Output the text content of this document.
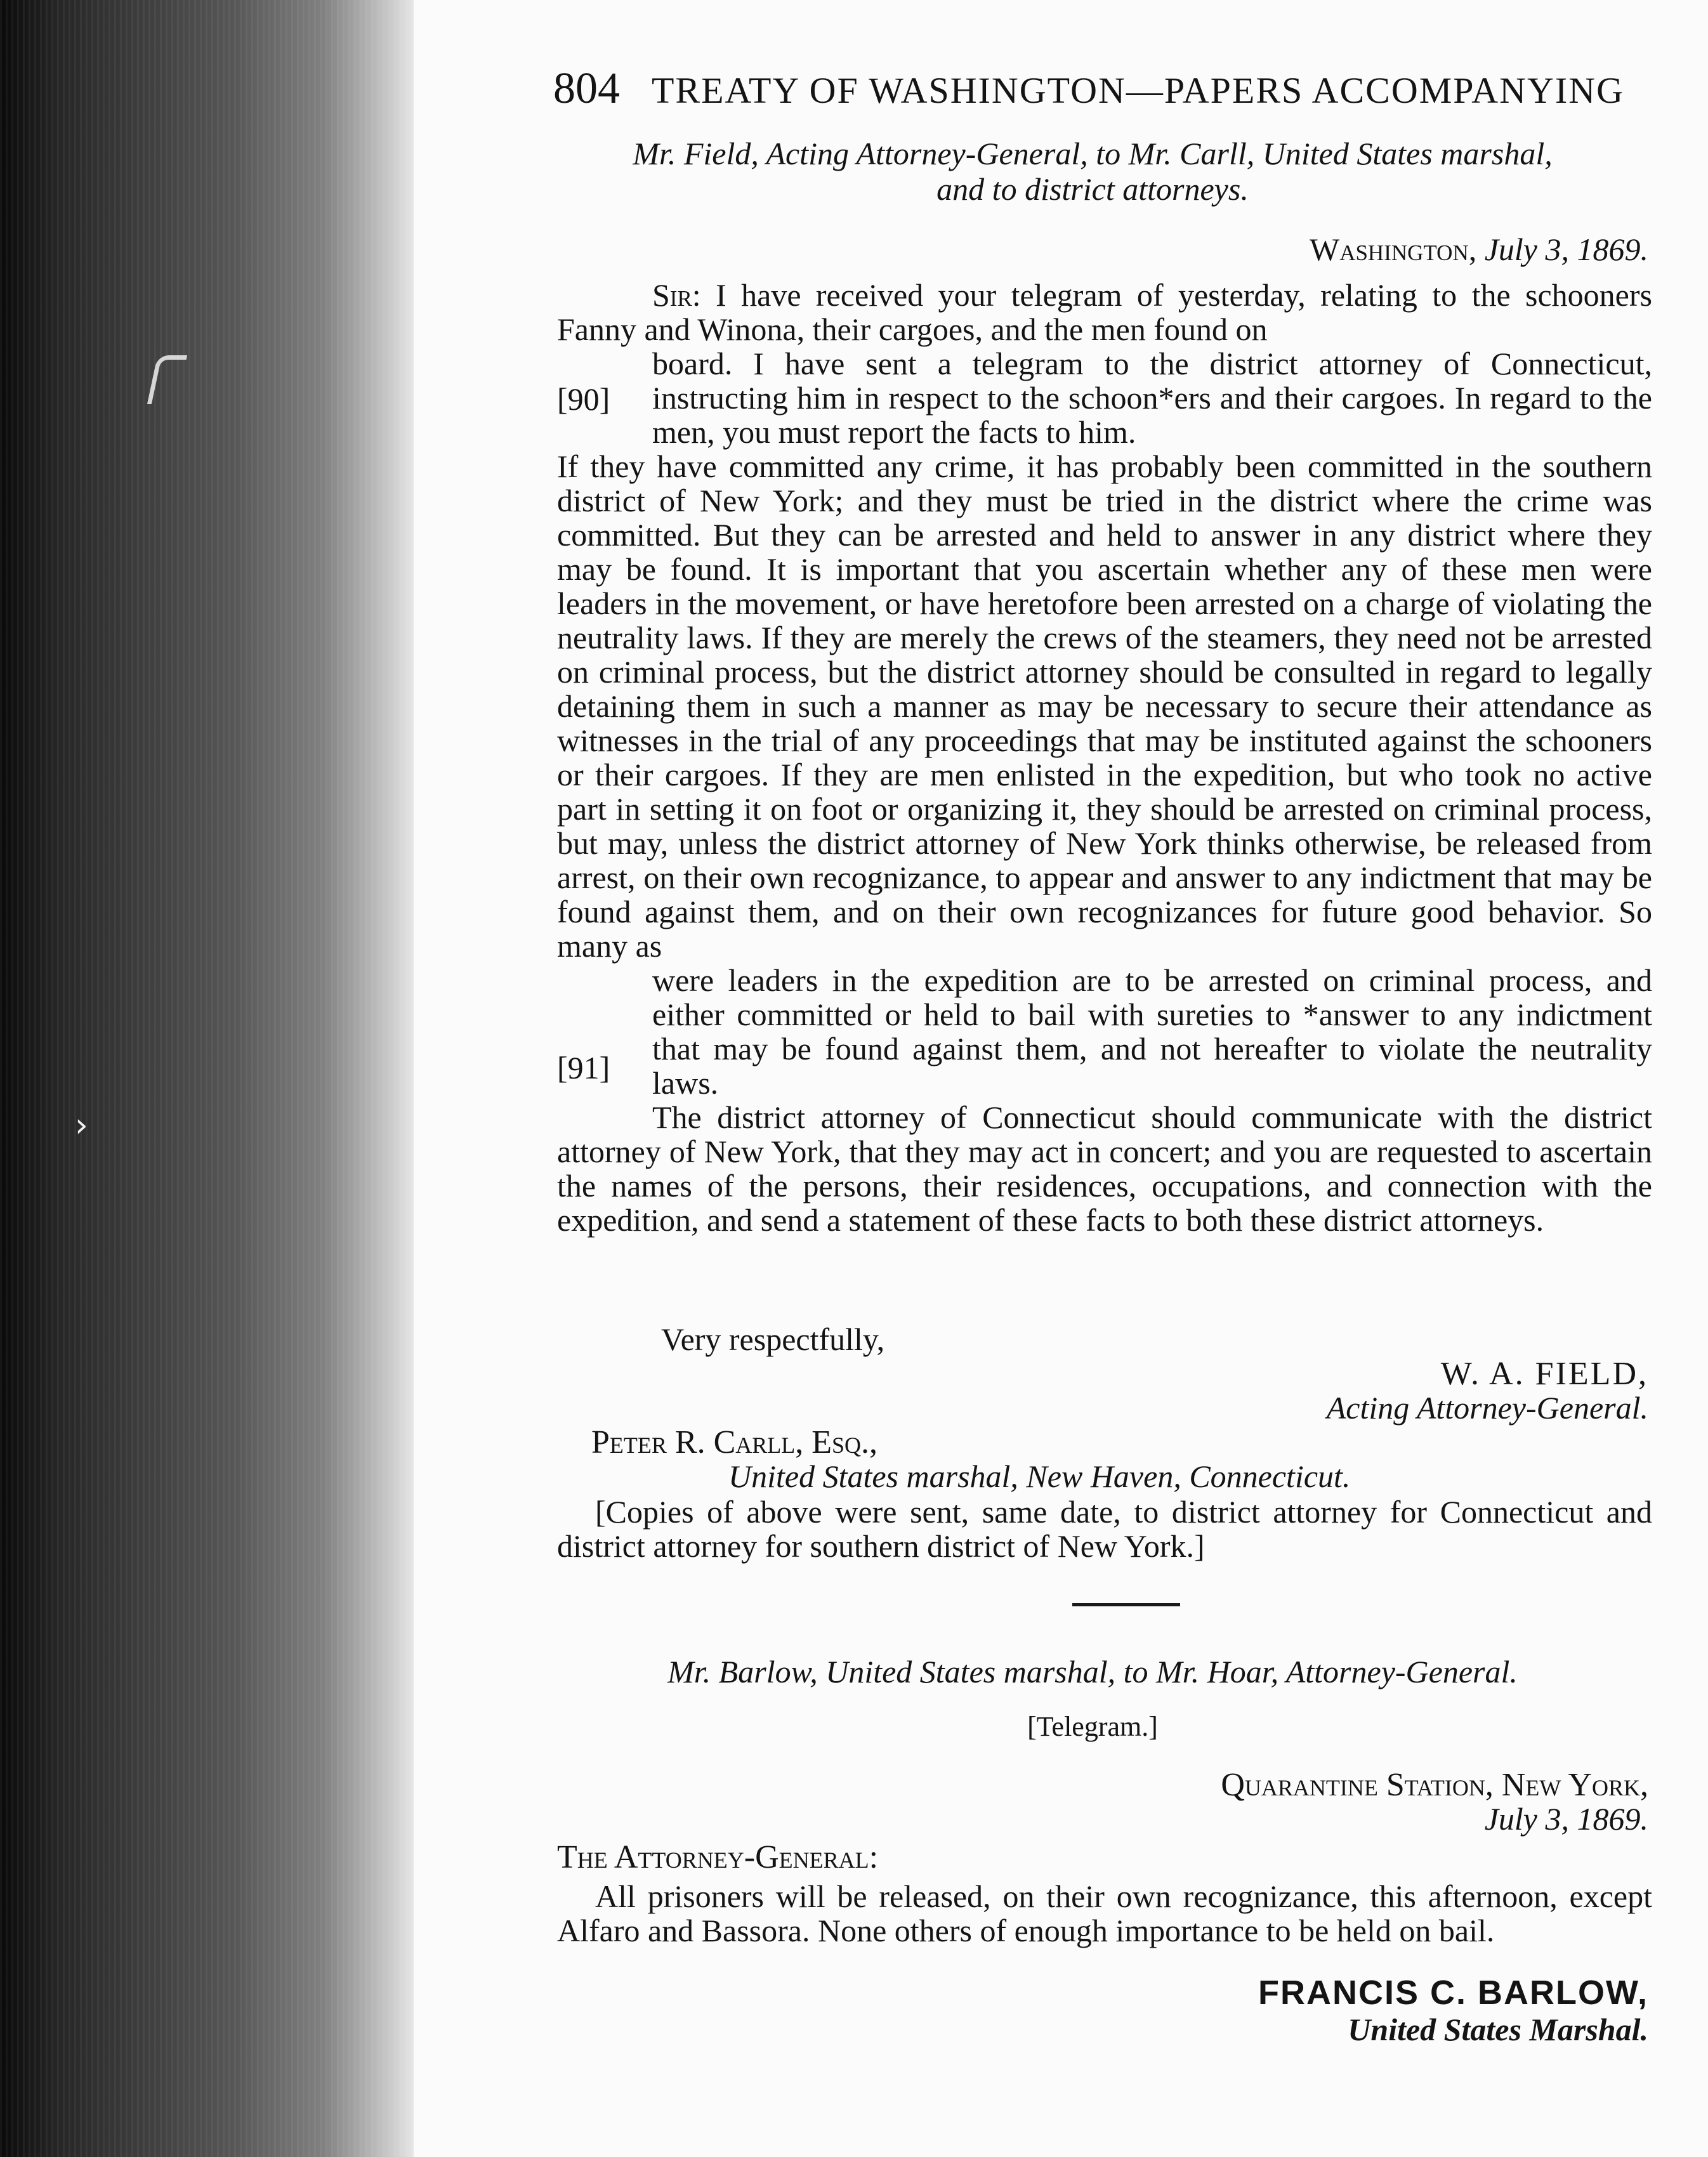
›
804 TREATY OF WASHINGTON—PAPERS ACCOMPANYING
Mr. Field, Acting Attorney-General, to Mr. Carll, United States marshal,
and to district attorneys.
Washington, July 3, 1869.

Sir: I have received your telegram of yesterday, relating to the schooners Fanny and Winona, their cargoes, and the men found on

board. I have sent a telegram to the district attorney of Connecticut, instructing him in respect to the schoon*ers and their cargoes. In regard to the men, you must report the facts to him.

If they have committed any crime, it has probably been committed in the southern district of New York; and they must be tried in the district where the crime was committed. But they can be arrested and held to answer in any district where they may be found. It is important that you ascertain whether any of these men were leaders in the movement, or have heretofore been arrested on a charge of violating the neutrality laws. If they are merely the crews of the steamers, they need not be arrested on criminal process, but the district attorney should be consulted in regard to legally detaining them in such a manner as may be necessary to secure their attendance as witnesses in the trial of any proceedings that may be instituted against the schooners or their cargoes. If they are men enlisted in the expedition, but who took no active part in setting it on foot or organizing it, they should be arrested on criminal process, but may, unless the district attorney of New York thinks otherwise, be released from arrest, on their own recognizance, to appear and answer to any indictment that may be found against them, and on their own recognizances for future good behavior. So many as

were leaders in the expedition are to be arrested on criminal process, and either committed or held to bail with sureties to *answer to any indictment that may be found against them, and not hereafter to violate the neutrality laws.

The district attorney of Connecticut should communicate with the district attorney of New York, that they may act in concert; and you are requested to ascertain the names of the persons, their residences, occupations, and connection with the expedition, and send a statement of these facts to both these district attorneys.

[90]
[91]
Very respectfully,
W. A. FIELD,
Acting Attorney-General.
Peter R. Carll, Esq.,
United States marshal, New Haven, Connecticut.

[Copies of above were sent, same date, to district attorney for Connecticut and district attorney for southern district of New York.]

Mr. Barlow, United States marshal, to Mr. Hoar, Attorney-General.
[Telegram.]
Quarantine Station, New York,
July 3, 1869.
The Attorney-General:

All prisoners will be released, on their own recognizance, this afternoon, except Alfaro and Bassora. None others of enough importance to be held on bail.

FRANCIS C. BARLOW,
United States Marshal.
